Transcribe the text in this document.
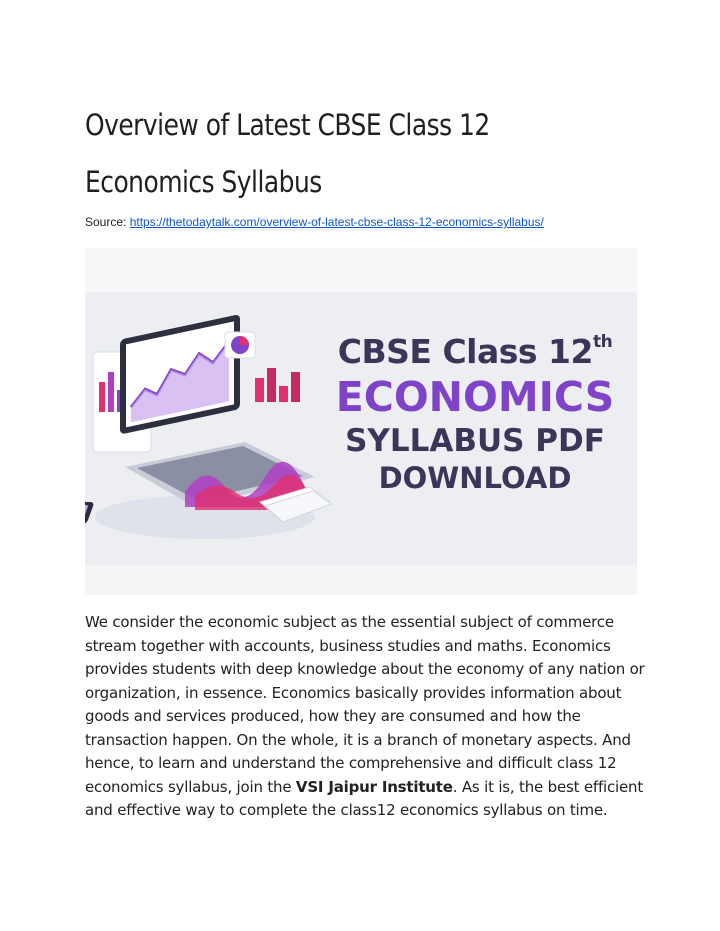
Overview of Latest CBSE Class 12 Economics Syllabus
Source: https://thetodaytalk.com/overview-of-latest-cbse-class-12-economics-syllabus/
CBSE Class 12th
ECONOMICS
SYLLABUS PDF
DOWNLOAD

We consider the economic subject as the essential subject of commerce stream together with accounts, business studies and maths. Economics provides students with deep knowledge about the economy of any nation or organization, in essence. Economics basically provides information about goods and services produced, how they are consumed and how the transaction happen. On the whole, it is a branch of monetary aspects. And hence, to learn and understand the comprehensive and difficult class 12 economics syllabus, join the VSI Jaipur Institute. As it is, the best efficient and effective way to complete the class12 economics syllabus on time.
